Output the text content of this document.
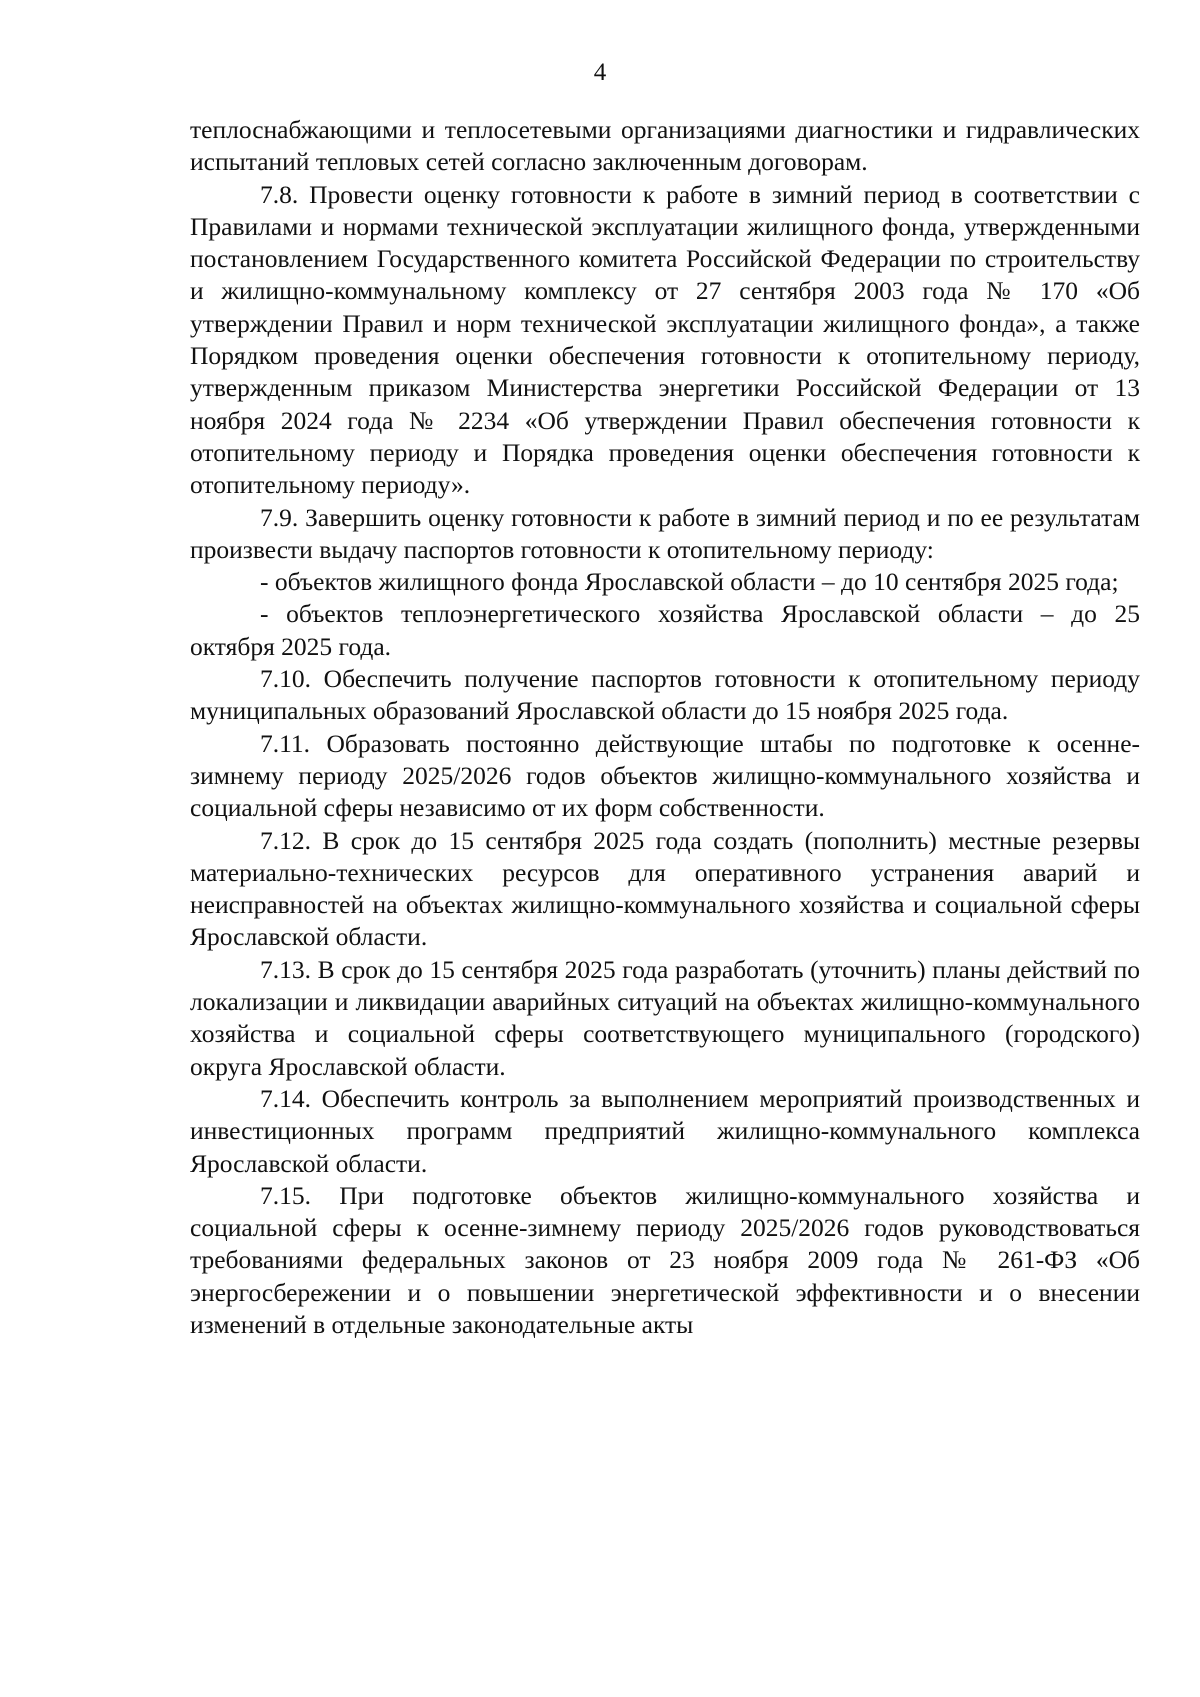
4

теплоснабжающими и теплосетевыми организациями диагностики и гидравлических испытаний тепловых сетей согласно заключенным договорам.

7.8. Провести оценку готовности к работе в зимний период в соответствии с Правилами и нормами технической эксплуатации жилищного фонда, утвержденными постановлением Государственного комитета Российской Федерации по строительству и жилищно-коммунальному комплексу от 27 сентября 2003 года № 170 «Об утверждении Правил и норм технической эксплуатации жилищного фонда», а также Порядком проведения оценки обеспечения готовности к отопительному периоду, утвержденным приказом Министерства энергетики Российской Федерации от 13 ноября 2024 года № 2234 «Об утверждении Правил обеспечения готовности к отопительному периоду и Порядка проведения оценки обеспечения готовности к отопительному периоду».

7.9. Завершить оценку готовности к работе в зимний период и по ее результатам произвести выдачу паспортов готовности к отопительному периоду:

- объектов жилищного фонда Ярославской области – до 10 сентября 2025 года;

- объектов теплоэнергетического хозяйства Ярославской области – до 25 октября 2025 года.

7.10. Обеспечить получение паспортов готовности к отопительному периоду муниципальных образований Ярославской области до 15 ноября 2025 года.

7.11. Образовать постоянно действующие штабы по подготовке к осенне-зимнему периоду 2025/2026 годов объектов жилищно-коммунального хозяйства и социальной сферы независимо от их форм собственности.

7.12. В срок до 15 сентября 2025 года создать (пополнить) местные резервы материально-технических ресурсов для оперативного устранения аварий и неисправностей на объектах жилищно-коммунального хозяйства и социальной сферы Ярославской области.

7.13. В срок до 15 сентября 2025 года разработать (уточнить) планы действий по локализации и ликвидации аварийных ситуаций на объектах жилищно-коммунального хозяйства и социальной сферы соответствующего муниципального (городского) округа Ярославской области.

7.14. Обеспечить контроль за выполнением мероприятий производственных и инвестиционных программ предприятий жилищно-коммунального комплекса Ярославской области.

7.15. При подготовке объектов жилищно-коммунального хозяйства и социальной сферы к осенне-зимнему периоду 2025/2026 годов руководствоваться требованиями федеральных законов от 23 ноября 2009 года № 261-ФЗ «Об энергосбережении и о повышении энергетической эффективности и о внесении изменений в отдельные законодательные акты
